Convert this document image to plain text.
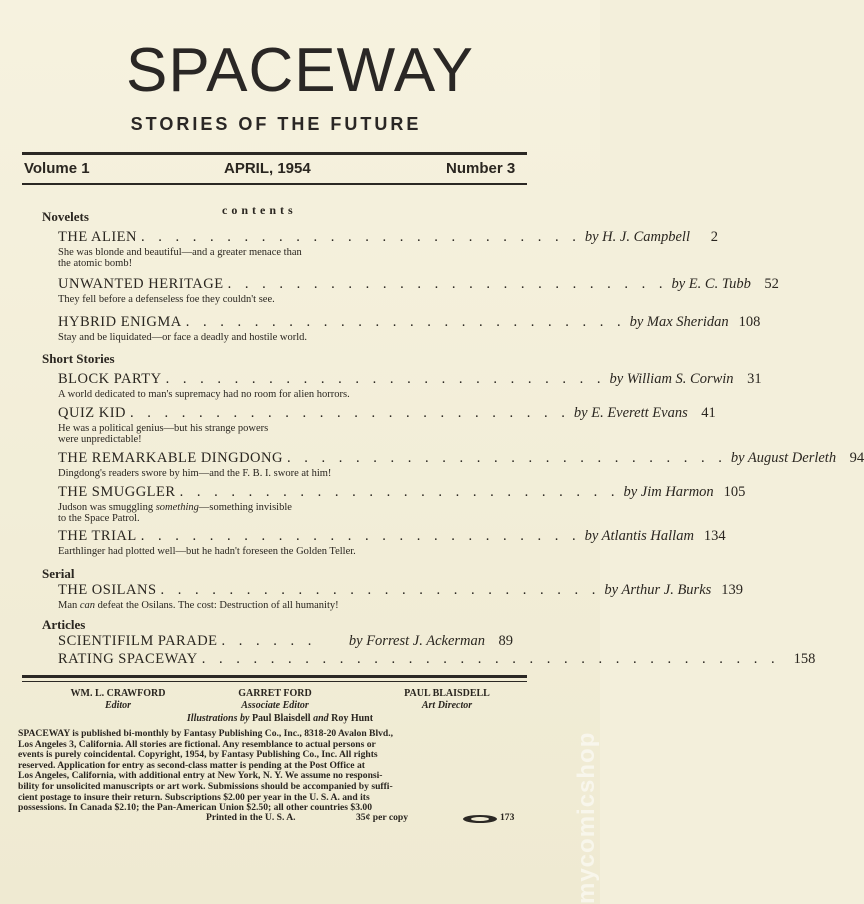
SPACEWAY
STORIES OF THE FUTURE
Volume 1	APRIL, 1954	Number 3
contents
Novelets
THE ALIEN . . . . . . . . . . . . . . . . . . . . . . . . . . by H. J. Campbell	2
She was blonde and beautiful—and a greater menace than
the atomic bomb!
UNWANTED HERITAGE . . . . . . . . . . . . . . . . . . . . . . . . . . by E. C. Tubb 52
They fell before a defenseless foe they couldn't see.
HYBRID ENIGMA . . . . . . . . . . . . . . . . . . . . . . . . . . by Max Sheridan 108
Stay and be liquidated—or face a deadly and hostile world.
Short Stories
BLOCK PARTY . . . . . . . . . . . . . . . . . . . . . . . . . . by William S. Corwin 31
A world dedicated to man's supremacy had no room for alien horrors.
QUIZ KID . . . . . . . . . . . . . . . . . . . . . . . . . . by E. Everett Evans 41
He was a political genius—but his strange powers
were unpredictable!
THE REMARKABLE DINGDONG . . . . . . . . . . . . . . . . . . . . . . . . . . by August Derleth 94
Dingdong's readers swore by him—and the F. B. I. swore at him!
THE SMUGGLER . . . . . . . . . . . . . . . . . . . . . . . . . . by Jim Harmon 105
Judson was smuggling something—something invisible
to the Space Patrol.
THE TRIAL . . . . . . . . . . . . . . . . . . . . . . . . . . by Atlantis Hallam 134
Earthlinger had plotted well—but he hadn't foreseen the Golden Teller.
Serial
THE OSILANS . . . . . . . . . . . . . . . . . . . . . . . . . . by Arthur J. Burks 139
Man can defeat the Osilans. The cost: Destruction of all humanity!
Articles
SCIENTIFILM PARADE . . . . . . by Forrest J. Ackerman 89
RATING SPACEWAY . . . . . . . . . . . . . . . . . . . . . . . . . . . . . . . . . . 158
WM. L. CRAWFORD
Editor
GARRET FORD
Associate Editor
PAUL BLAISDELL
Art Director
Illustrations by Paul Blaisdell and Roy Hunt
SPACEWAY is published bi-monthly by Fantasy Publishing Co., Inc., 8318-20 Avalon Blvd.,
Los Angeles 3, California. All stories are fictional. Any resemblance to actual persons or
events is purely coincidental. Copyright, 1954, by Fantasy Publishing Co., Inc. All rights
reserved. Application for entry as second-class matter is pending at the Post Office at
Los Angeles, California, with additional entry at New York, N. Y. We assume no responsi-
bility for unsolicited manuscripts or art work. Submissions should be accompanied by suffi-
cient postage to insure their return. Subscriptions $2.00 per year in the U. S. A. and its
possessions. In Canada $2.10; the Pan-American Union $2.50; all other countries $3.00
Printed in the U. S. A.	35¢ per copy	173 mycomicshop
